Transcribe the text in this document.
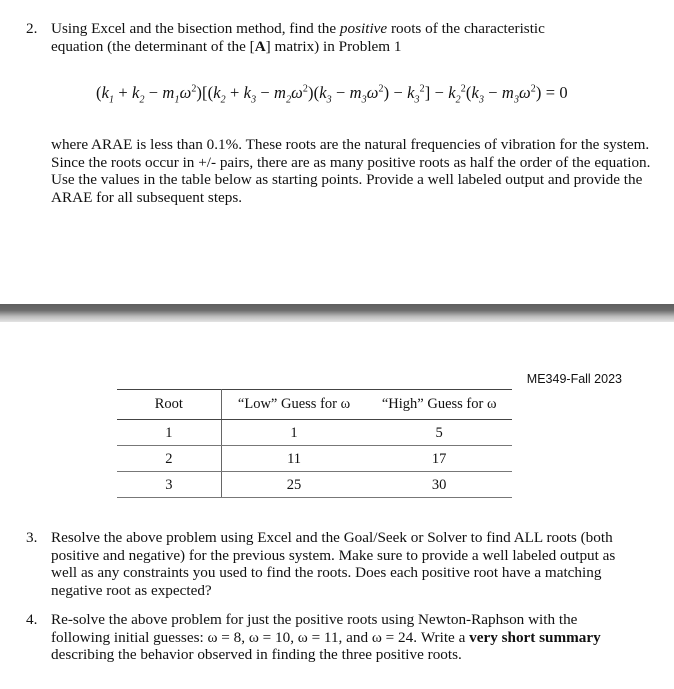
2. Using Excel and the bisection method, find the positive roots of the characteristic
equation (the determinant of the [A] matrix) in Problem 1
$(k_1 + k_2 - m_1\omega^2)[(k_2 + k_3 - m_2\omega^2)(k_3 - m_3\omega^2) - k_3^2] - k_2^2(k_3 - m_3\omega^2) = 0$
where ARAE is less than 0.1%. These roots are the natural frequencies of vibration for the system. Since the roots occur in +/- pairs, there are as many positive roots as half the order of the equation. Use the values in the table below as starting points. Provide a well labeled output and provide the ARAE for all subsequent steps.
ME349-Fall 2023
Root	“Low” Guess for ω	“High” Guess for ω
1	1	5
2	11	17
3	25	30
3. Resolve the above problem using Excel and the Goal/Seek or Solver to find ALL roots (both positive and negative) for the previous system. Make sure to provide a well labeled output as well as any constraints you used to find the roots. Does each positive root have a matching negative root as expected?
4. Re-solve the above problem for just the positive roots using Newton-Raphson with the following initial guesses: ω = 8, ω = 10, ω = 11, and ω = 24. Write a very short summary describing the behavior observed in finding the three positive roots.
